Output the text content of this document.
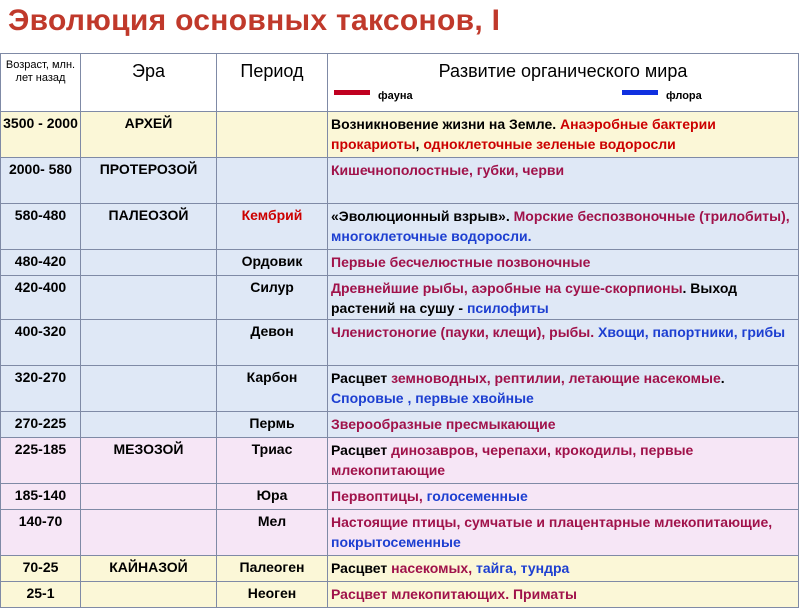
Эволюция основных таксонов, I
Возраст, млн. лет назад	Эра	Период	Развитие органического мира
фауна флора

3500 - 2000	АРХЕЙ		Возникновение жизни на Земле. Анаэробные бактерии прокариоты, одноклеточные зеленые водоросли
2000- 580	ПРОТЕРОЗОЙ		Кишечнополостные, губки, черви
580-480	ПАЛЕОЗОЙ	Кембрий	«Эволюционный взрыв». Морские беспозвоночные (трилобиты), многоклеточные водоросли.
480-420		Ордовик	Первые бесчелюстные позвоночные
420-400		Силур	Древнейшие рыбы, аэробные на суше-скорпионы. Выход растений на сушу - псилофиты
400-320		Девон	Членистоногие (пауки, клещи), рыбы. Хвощи, папортники, грибы
320-270		Карбон	Расцвет земноводных, рептилии, летающие насекомые. Споровые , первые хвойные
270-225		Пермь	Зверообразные пресмыкающие
225-185	МЕЗОЗОЙ	Триас	Расцвет динозавров, черепахи, крокодилы, первые млекопитающие
185-140		Юра	Первоптицы, голосеменные
140-70		Мел	Настоящие птицы, сумчатые и плацентарные млекопитающие, покрытосеменные
70-25	КАЙНАЗОЙ	Палеоген	Расцвет насекомых, тайга, тундра
25-1		Неоген	Расцвет млекопитающих. Приматы
